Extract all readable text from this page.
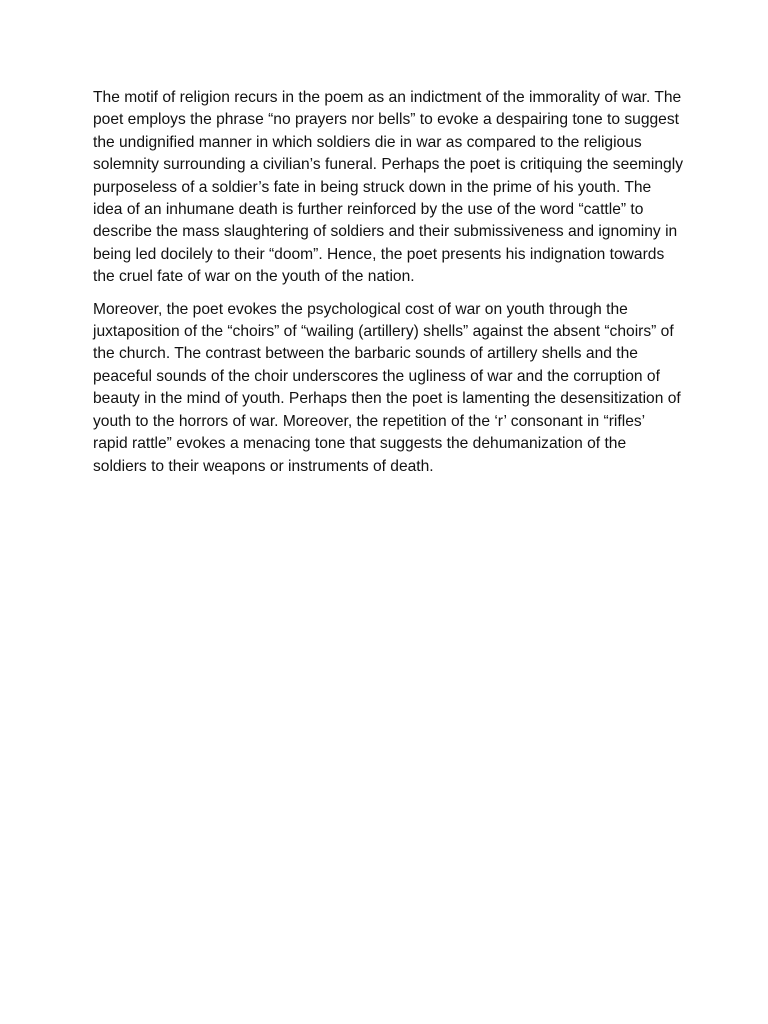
The motif of religion recurs in the poem as an indictment of the immorality of war. The poet employs the phrase “no prayers nor bells” to evoke a despairing tone to suggest the undignified manner in which soldiers die in war as compared to the religious solemnity surrounding a civilian’s funeral. Perhaps the poet is critiquing the seemingly purposeless of a soldier’s fate in being struck down in the prime of his youth. The idea of an inhumane death is further reinforced by the use of the word “cattle” to describe the mass slaughtering of soldiers and their submissiveness and ignominy in being led docilely to their “doom”. Hence, the poet presents his indignation towards the cruel fate of war on the youth of the nation.

Moreover, the poet evokes the psychological cost of war on youth through the juxtaposition of the “choirs” of “wailing (artillery) shells” against the absent “choirs” of the church. The contrast between the barbaric sounds of artillery shells and the peaceful sounds of the choir underscores the ugliness of war and the corruption of beauty in the mind of youth. Perhaps then the poet is lamenting the desensitization of youth to the horrors of war. Moreover, the repetition of the ‘r’ consonant in “rifles’ rapid rattle” evokes a menacing tone that suggests the dehumanization of the soldiers to their weapons or instruments of death.
